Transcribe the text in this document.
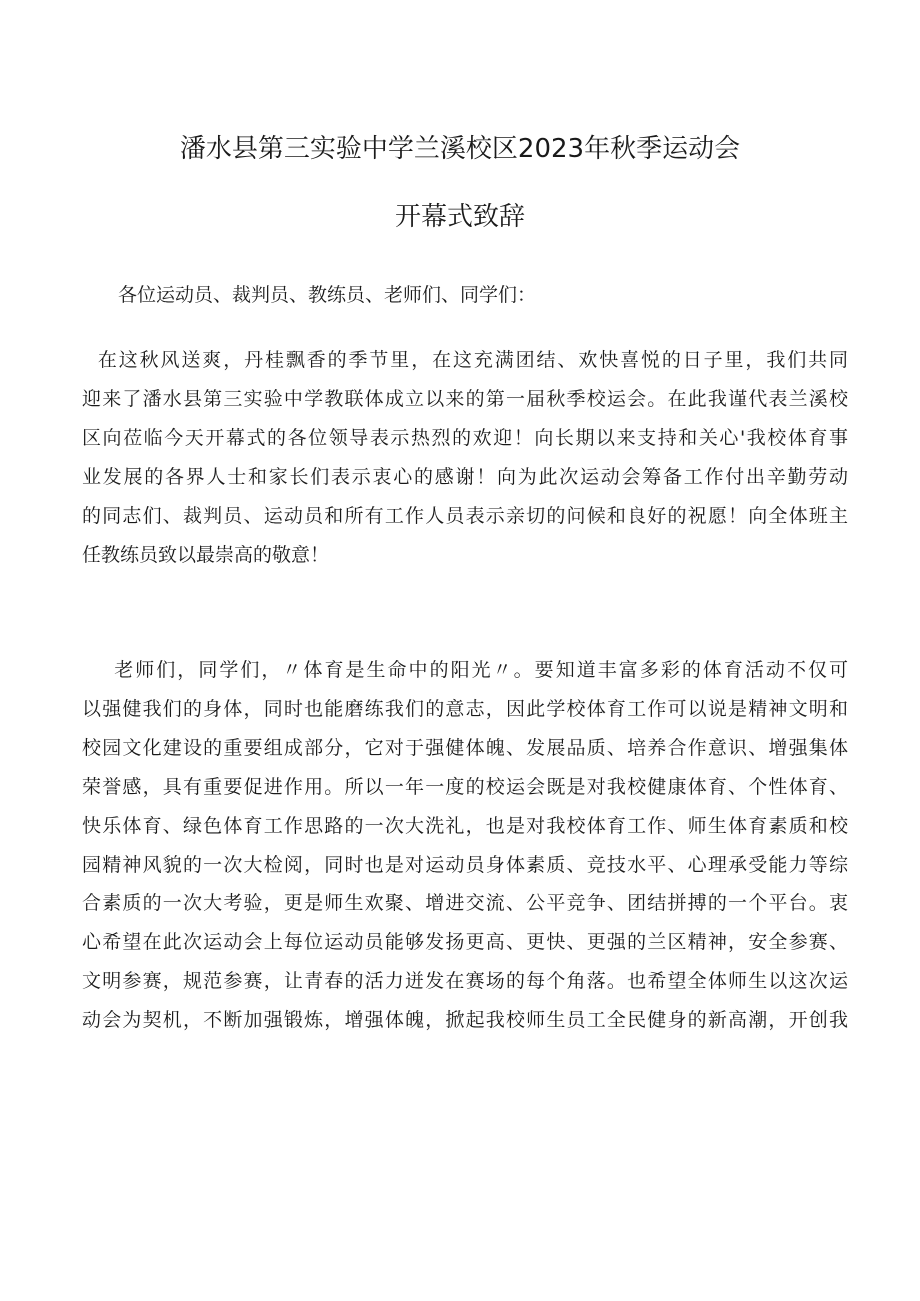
潘水县第三实验中学兰溪校区2023年秋季运动会
开幕式致辞

各位运动员、裁判员、教练员、老师们、同学们：

在这秋风送爽，丹桂飘香的季节里，在这充满团结、欢快喜悦的日子里，我们共同
迎来了潘水县第三实验中学教联体成立以来的第一届秋季校运会。在此我谨代表兰溪校
区向莅临今天开幕式的各位领导表示热烈的欢迎！向长期以来支持和关心'我校体育事
业发展的各界人士和家长们表示衷心的感谢！向为此次运动会筹备工作付出辛勤劳动
的同志们、裁判员、运动员和所有工作人员表示亲切的问候和良好的祝愿！向全体班主
任教练员致以最崇高的敬意！
老师们，同学们，〃体育是生命中的阳光〃。要知道丰富多彩的体育活动不仅可
以强健我们的身体，同时也能磨练我们的意志，因此学校体育工作可以说是精神文明和
校园文化建设的重要组成部分，它对于强健体魄、发展品质、培养合作意识、增强集体
荣誉感，具有重要促进作用。所以一年一度的校运会既是对我校健康体育、个性体育、
快乐体育、绿色体育工作思路的一次大洗礼，也是对我校体育工作、师生体育素质和校
园精神风貌的一次大检阅，同时也是对运动员身体素质、竞技水平、心理承受能力等综
合素质的一次大考验，更是师生欢聚、增进交流、公平竞争、团结拼搏的一个平台。衷
心希望在此次运动会上每位运动员能够发扬更高、更快、更强的兰区精神，安全参赛、
文明参赛，规范参赛，让青春的活力迸发在赛场的每个角落。也希望全体师生以这次运
动会为契机，不断加强锻炼，增强体魄，掀起我校师生员工全民健身的新高潮，开创我
